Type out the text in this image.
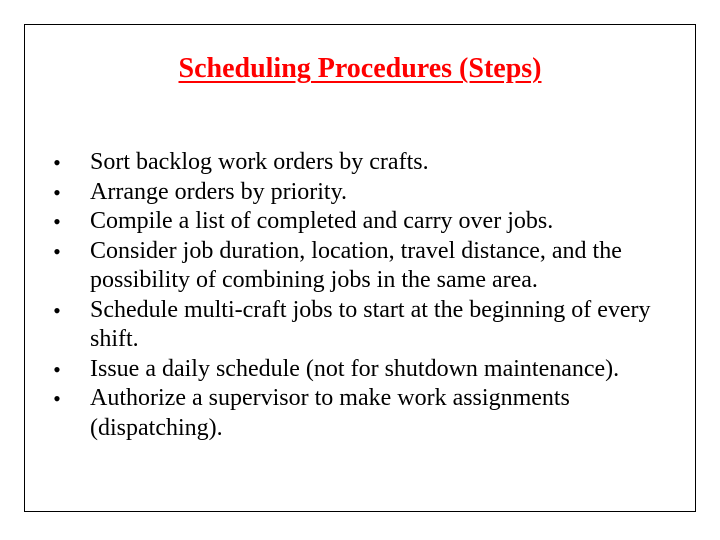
Scheduling Procedures (Steps)
•	Sort backlog work orders by crafts.
•	Arrange orders by priority.
•	Compile a list of completed and carry over jobs.
•	Consider job duration, location, travel distance, and the possibility of combining jobs in the same area.
•	Schedule multi-craft jobs to start at the beginning of every shift.
•	Issue a daily schedule (not for shutdown maintenance).
•	Authorize a supervisor to make work assignments (dispatching).
